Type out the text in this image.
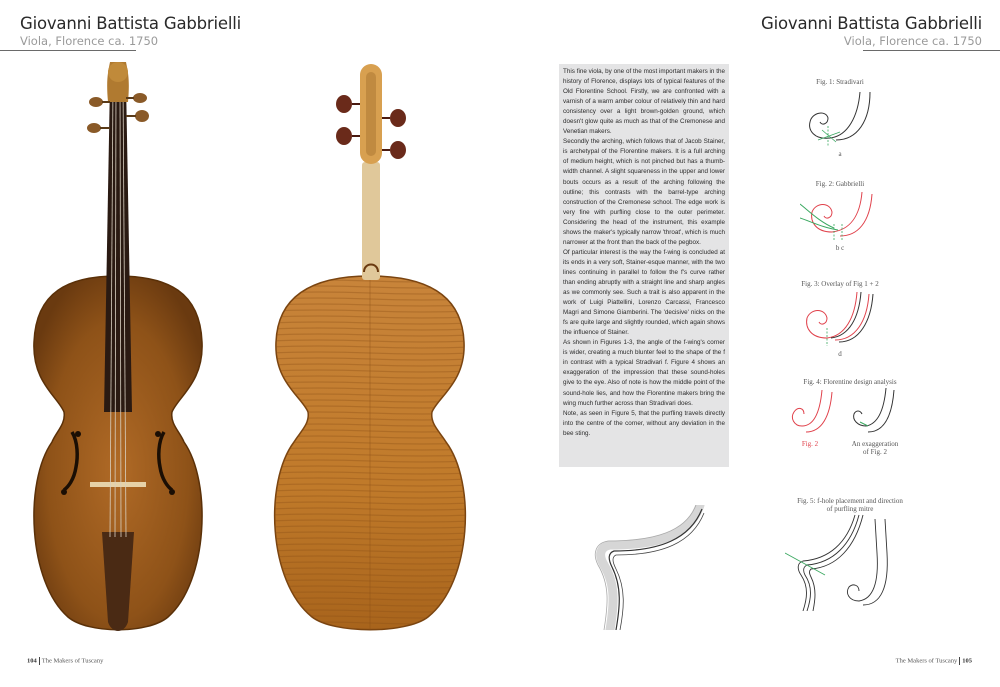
Giovanni Battista Gabbrielli
Viola, Florence ca. 1750
Giovanni Battista Gabbrielli
Viola, Florence ca. 1750

This fine viola, by one of the most important makers in the history of Florence, displays lots of typical features of the Old Florentine School. Firstly, we are confronted with a varnish of a warm amber colour of relatively thin and hard consistency over a light brown-golden ground, which doesn't glow quite as much as that of the Cremonese and Venetian makers.

Secondly the arching, which follows that of Jacob Stainer, is archetypal of the Florentine makers. It is a full arching of medium height, which is not pinched but has a thumb-width channel. A slight squareness in the upper and lower bouts occurs as a result of the arching following the outline; this contrasts with the barrel-type arching construction of the Cremonese school. The edge work is very fine with purfling close to the outer perimeter. Considering the head of the instrument, this example shows the maker's typically narrow 'throat', which is much narrower at the front than the back of the pegbox.

Of particular interest is the way the f-wing is concluded at its ends in a very soft, Stainer-esque manner, with the two lines continuing in parallel to follow the f's curve rather than ending abruptly with a straight line and sharp angles as we commonly see. Such a trait is also apparent in the work of Luigi Piattellini, Lorenzo Carcassi, Francesco Magri and Simone Giamberini. The 'decisive' nicks on the fs are quite large and slightly rounded, which again shows the influence of Stainer.

As shown in Figures 1-3, the angle of the f-wing's corner is wider, creating a much blunter feel to the shape of the f in contrast with a typical Stradivari f. Figure 4 shows an exaggeration of the impression that these sound-holes give to the eye. Also of note is how the middle point of the sound-hole lies, and how the Florentine makers bring the wing much further across than Stradivari does.

Note, as seen in Figure 5, that the purfling travels directly into the centre of the corner, without any deviation in the bee sting.

Fig. 1: Stradivari
a
Fig. 2: Gabbrielli
b c
Fig. 3: Overlay of Fig 1 + 2
d
Fig. 4: Florentine design analysis
Fig. 2	An exaggeration
of Fig. 2
Fig. 5: f-hole placement and direction
of purfling mitre
104 The Makers of Tuscany	The Makers of Tuscany 105
